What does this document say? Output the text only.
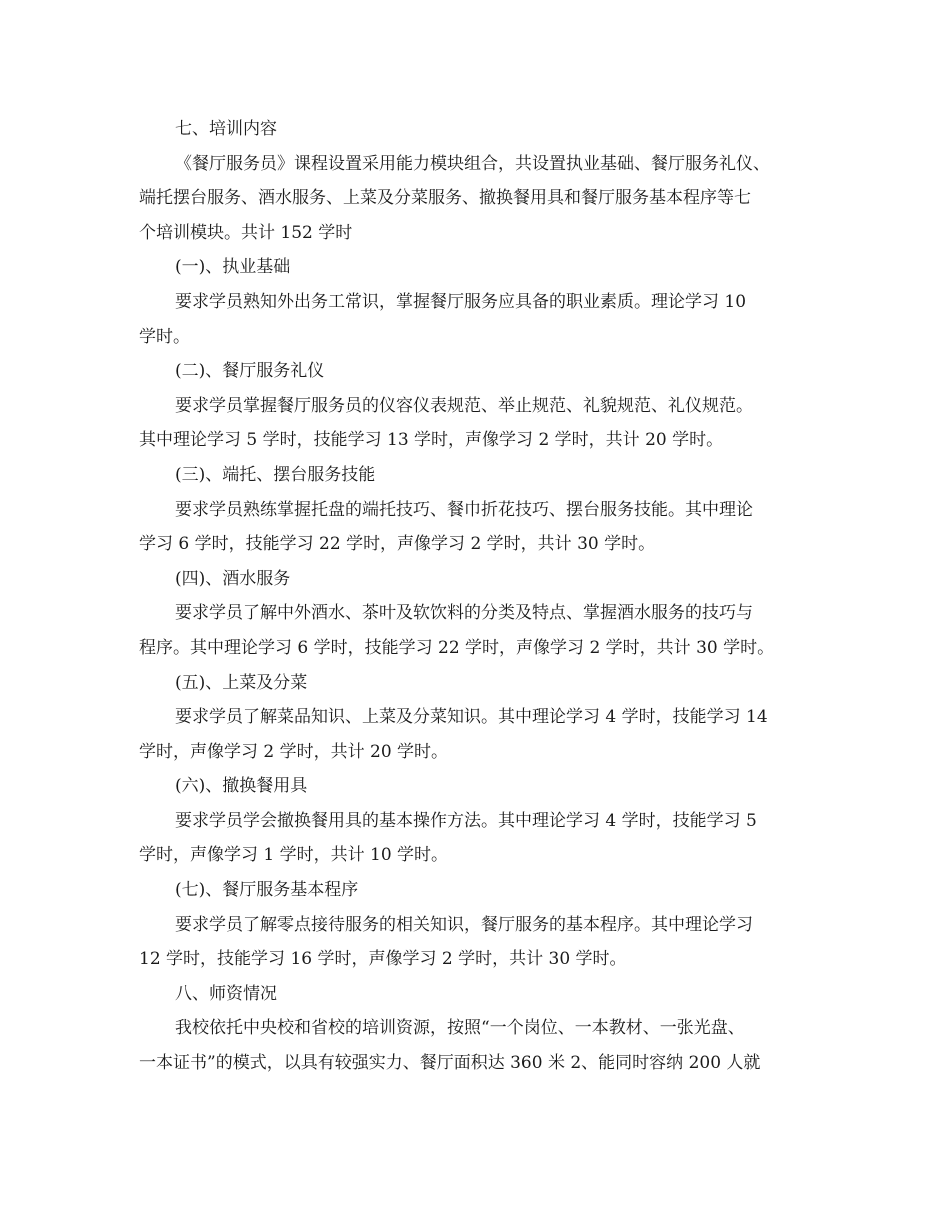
七、培训内容
《餐厅服务员》课程设置采用能力模块组合，共设置执业基础、餐厅服务礼仪、
端托摆台服务、酒水服务、上菜及分菜服务、撤换餐用具和餐厅服务基本程序等七
个培训模块。共计 152 学时
(一)、执业基础
要求学员熟知外出务工常识，掌握餐厅服务应具备的职业素质。理论学习 10
学时。
(二)、餐厅服务礼仪
要求学员掌握餐厅服务员的仪容仪表规范、举止规范、礼貌规范、礼仪规范。
其中理论学习 5 学时，技能学习 13 学时，声像学习 2 学时，共计 20 学时。
(三)、端托、摆台服务技能
要求学员熟练掌握托盘的端托技巧、餐巾折花技巧、摆台服务技能。其中理论
学习 6 学时，技能学习 22 学时，声像学习 2 学时，共计 30 学时。
(四)、酒水服务
要求学员了解中外酒水、茶叶及软饮料的分类及特点、掌握酒水服务的技巧与
程序。其中理论学习 6 学时，技能学习 22 学时，声像学习 2 学时，共计 30 学时。
(五)、上菜及分菜
要求学员了解菜品知识、上菜及分菜知识。其中理论学习 4 学时，技能学习 14
学时，声像学习 2 学时，共计 20 学时。
(六)、撤换餐用具
要求学员学会撤换餐用具的基本操作方法。其中理论学习 4 学时，技能学习 5
学时，声像学习 1 学时，共计 10 学时。
(七)、餐厅服务基本程序
要求学员了解零点接待服务的相关知识，餐厅服务的基本程序。其中理论学习
12 学时，技能学习 16 学时，声像学习 2 学时，共计 30 学时。
八、师资情况
我校依托中央校和省校的培训资源，按照“一个岗位、一本教材、一张光盘、
一本证书”的模式，以具有较强实力、餐厅面积达 360 米 2、能同时容纳 200 人就
